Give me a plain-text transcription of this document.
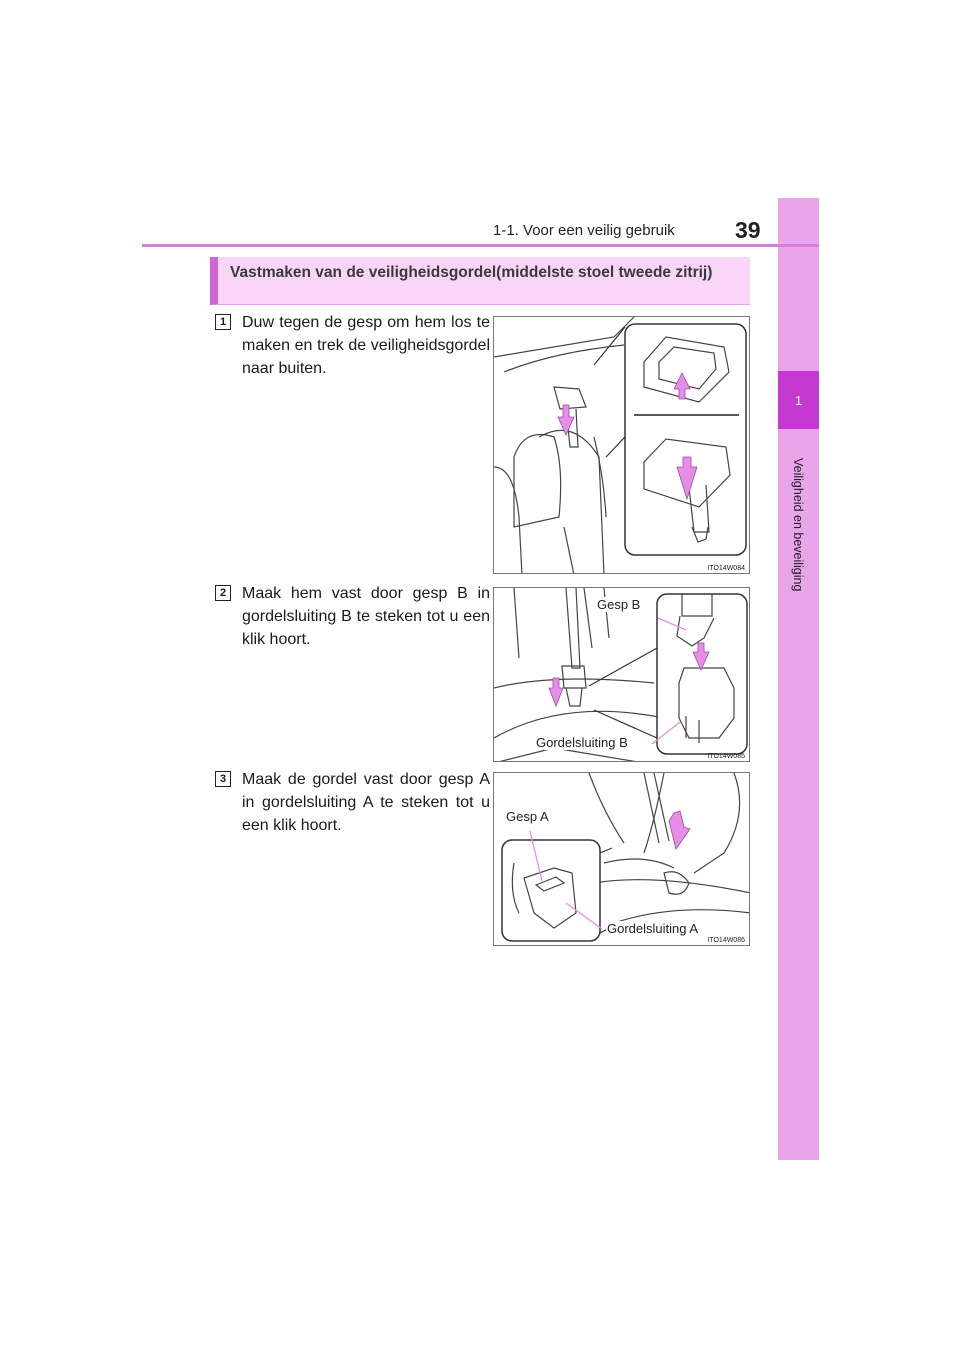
1
Veiligheid en beveiliging
1-1. Voor een veilig gebruik	39
Vastmaken van de veiligheidsgordel(middelste stoel tweede zitrij)
1 Duw tegen de gesp om hem los te maken en trek de veiligheidsgordel naar buiten.
ITO14W084
2 Maak hem vast door gesp B in gordelsluiting B te steken tot u een klik hoort.
Gesp B
Gordelsluiting B
ITO14W085
3 Maak de gordel vast door gesp A in gordelsluiting A te steken tot u een klik hoort.
Gesp A
Gordelsluiting A
ITO14W086
